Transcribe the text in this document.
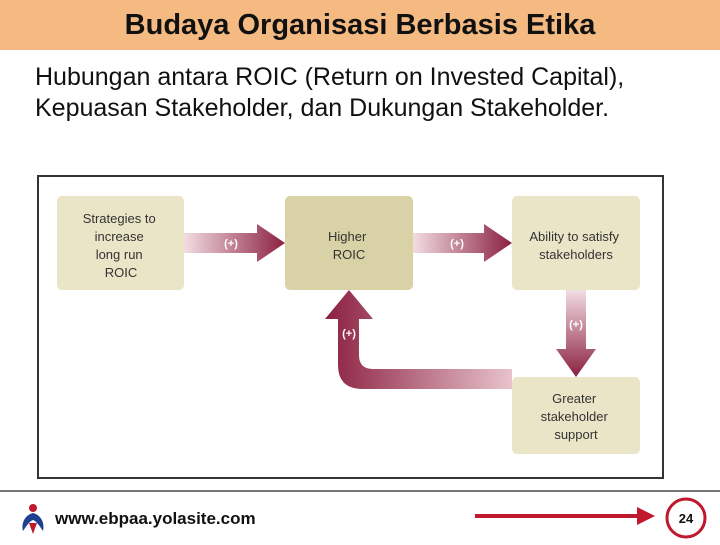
Budaya Organisasi Berbasis Etika
Hubungan antara ROIC (Return on Invested Capital), Kepuasan Stakeholder, dan Dukungan Stakeholder.
Strategies to increase long run ROIC
Higher ROIC
Ability to satisfy stakeholders
Greater stakeholder support
(+)	(+)
(+)
(+)
www.ebpaa.yolasite.com	24
